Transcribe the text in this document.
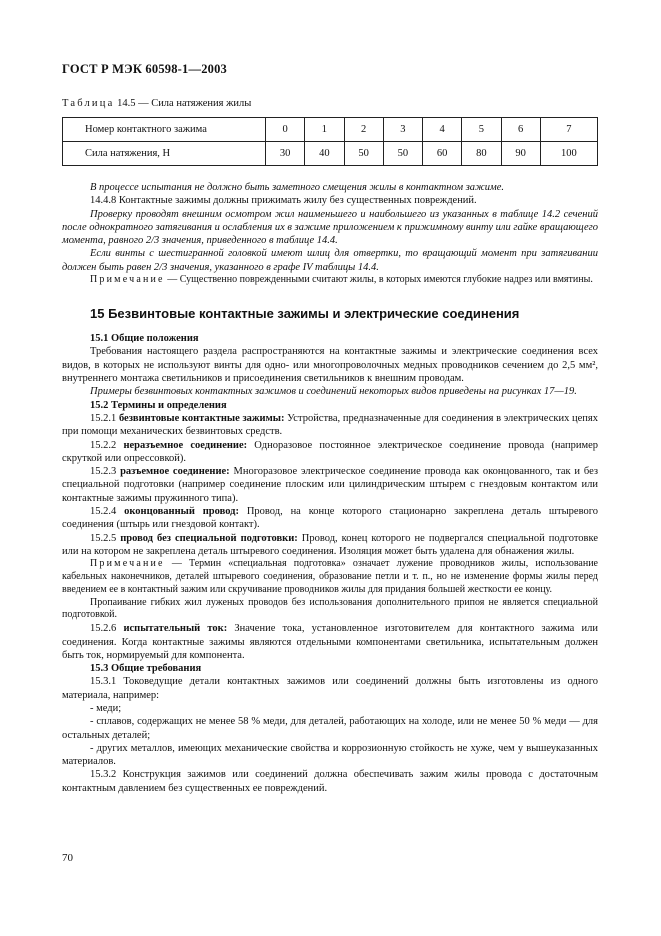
ГОСТ Р МЭК 60598-1—2003
Таблица 14.5 — Сила натяжения жилы
Номер контактного зажима	0	1	2	3	4	5	6	7
Сила натяжения, Н	30	40	50	50	60	80	90	100

В процессе испытания не должно быть заметного смещения жилы в контактном зажиме.

14.4.8 Контактные зажимы должны прижимать жилу без существенных повреждений.

Проверку проводят внешним осмотром жил наименьшего и наибольшего из указанных в таблице 14.2 сечений после однократного затягивания и ослабления их в зажиме приложением к прижимному винту или гайке вращающего момента, равного 2/3 значения, приведенного в таблице 14.4.

Если винты с шестигранной головкой имеют шлиц для отвертки, то вращающий момент при затягивании должен быть равен 2/3 значения, указанного в графе IV таблицы 14.4.

Примечание — Существенно поврежденными считают жилы, в которых имеются глубокие надрез или вмятины.

15 Безвинтовые контактные зажимы и электрические соединения

15.1 Общие положения

Требования настоящего раздела распространяются на контактные зажимы и электрические соединения всех видов, в которых не используют винты для одно- или многопроволочных медных проводников сечением до 2,5 мм², внутреннего монтажа светильников и присоединения светильников к внешним проводам.

Примеры безвинтовых контактных зажимов и соединений некоторых видов приведены на рисунках 17—19.

15.2 Термины и определения

15.2.1 безвинтовые контактные зажимы: Устройства, предназначенные для соединения в электрических цепях при помощи механических безвинтовых средств.

15.2.2 неразъемное соединение: Одноразовое постоянное электрическое соединение провода (например скруткой или опрессовкой).

15.2.3 разъемное соединение: Многоразовое электрическое соединение провода как оконцованного, так и без специальной подготовки (например соединение плоским или цилиндрическим штырем с гнездовым контактом или контактные зажимы пружинного типа).

15.2.4 оконцованный провод: Провод, на конце которого стационарно закреплена деталь штыревого соединения (штырь или гнездовой контакт).

15.2.5 провод без специальной подготовки: Провод, конец которого не подвергался специальной подготовке или на котором не закреплена деталь штыревого соединения. Изоляция может быть удалена для обнажения жилы.

Примечание — Термин «специальная подготовка» означает лужение проводников жилы, использование кабельных наконечников, деталей штыревого соединения, образование петли и т. п., но не изменение формы жилы перед введением ее в контактный зажим или скручивание проводников жилы для придания большей жесткости ее концу.

Пропаивание гибких жил луженых проводов без использования дополнительного припоя не является специальной подготовкой.

15.2.6 испытательный ток: Значение тока, установленное изготовителем для контактного зажима или соединения. Когда контактные зажимы являются отдельными компонентами светильника, испытательным должен быть ток, нормируемый для компонента.

15.3 Общие требования

15.3.1 Токоведущие детали контактных зажимов или соединений должны быть изготовлены из одного материала, например:

- меди;

- сплавов, содержащих не менее 58 % меди, для деталей, работающих на холоде, или не менее 50 % меди — для остальных деталей;

- других металлов, имеющих механические свойства и коррозионную стойкость не хуже, чем у вышеуказанных материалов.

15.3.2 Конструкция зажимов или соединений должна обеспечивать зажим жилы провода с достаточным контактным давлением без существенных ее повреждений.

70
